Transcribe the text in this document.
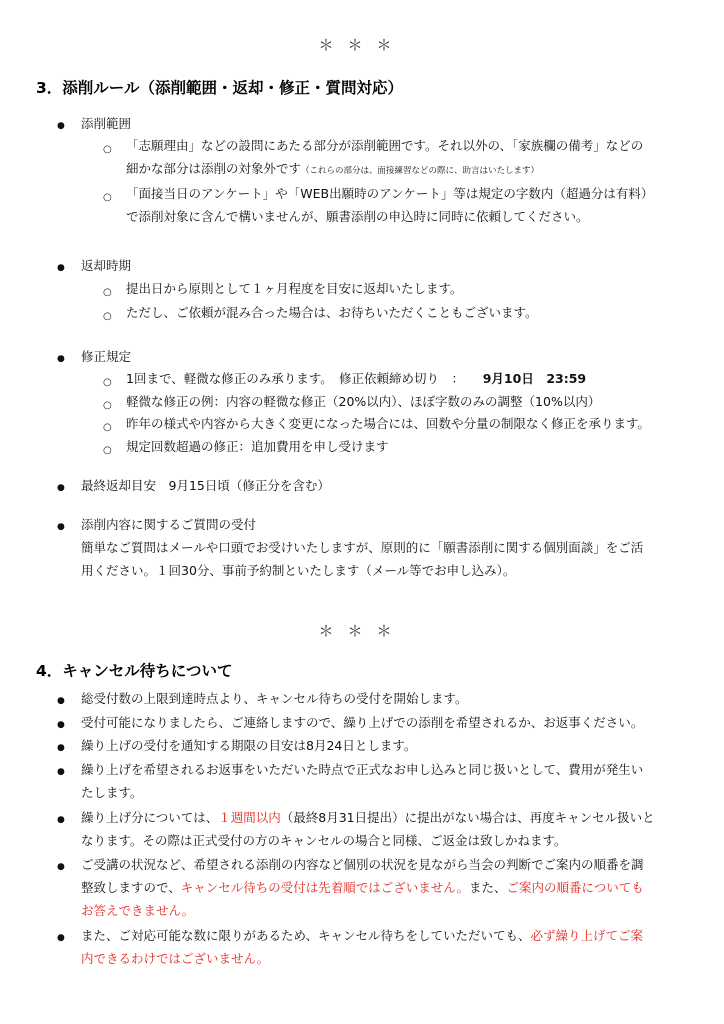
＊＊＊
3．添削ルール（添削範囲・返却・修正・質問対応）
● 添削範囲

○ 「志願理由」などの設問にあたる部分が添削範囲です。それ以外の、「家族欄の備考」などの

細かな部分は添削の対象外です（これらの部分は、面接練習などの際に、助言はいたします）

○ 「面接当日のアンケート」や「WEB出願時のアンケート」等は規定の字数内（超過分は有料）

で添削対象に含んで構いませんが、願書添削の申込時に同時に依頼してください。

● 返却時期

○ 提出日から原則として１ヶ月程度を目安に返却いたします。

○ ただし、ご依頼が混み合った場合は、お待ちいただくこともございます。

● 修正規定

○ 1回まで、軽微な修正のみ承ります。　修正依頼締め切り　：　　 9月10日　23:59

○ 軽微な修正の例：内容の軽微な修正（20%以内）、ほぼ字数のみの調整（10%以内）

○ 昨年の様式や内容から大きく変更になった場合には、回数や分量の制限なく修正を承ります。

○ 規定回数超過の修正：追加費用を申し受けます

● 最終返却目安　9月15日頃（修正分を含む）

● 添削内容に関するご質問の受付

簡単なご質問はメールや口頭でお受けいたしますが、原則的に「願書添削に関する個別面談」をご活

用ください。１回30分、事前予約制といたします（メール等でお申し込み）。

＊＊＊
4．キャンセル待ちについて
● 総受付数の上限到達時点より、キャンセル待ちの受付を開始します。

● 受付可能になりましたら、ご連絡しますので、繰り上げでの添削を希望されるか、お返事ください。

● 繰り上げの受付を通知する期限の目安は8月24日とします。

● 繰り上げを希望されるお返事をいただいた時点で正式なお申し込みと同じ扱いとして、費用が発生い

たします。

● 繰り上げ分については、１週間以内（最終8月31日提出）に提出がない場合は、再度キャンセル扱いと

なります。その際は正式受付の方のキャンセルの場合と同様、ご返金は致しかねます。

● ご受講の状況など、希望される添削の内容など個別の状況を見ながら当会の判断でご案内の順番を調

整致しますので、キャンセル待ちの受付は先着順ではございません。また、ご案内の順番についても

お答えできません。

● また、ご対応可能な数に限りがあるため、キャンセル待ちをしていただいても、必ず繰り上げてご案

内できるわけではございません。
